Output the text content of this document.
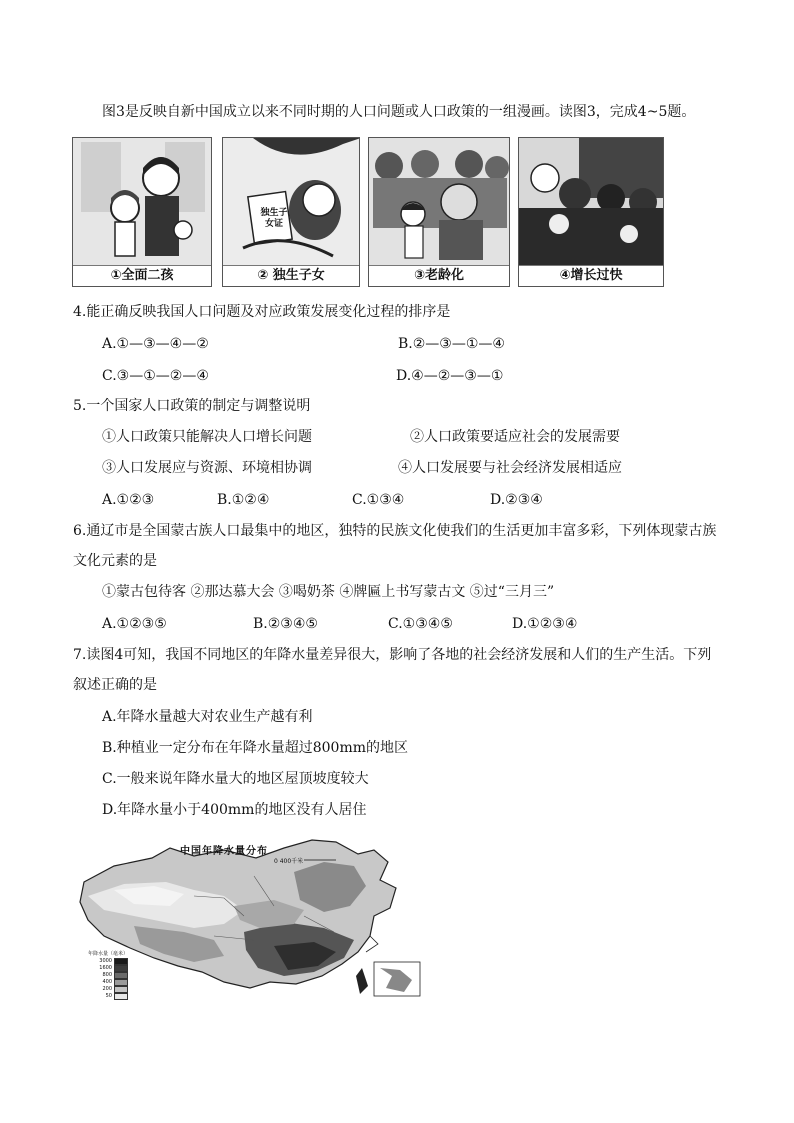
图3是反映自新中国成立以来不同时期的人口问题或人口政策的一组漫画。读图3，完成4~5题。
①全面二孩
独生子女证
② 独生子女	③老龄化	④增长过快
4.能正确反映我国人口问题及对应政策发展变化过程的排序是
A.①—③—④—②	B.②—③—①—④
C.③—①—②—④	D.④—②—③—①
5.一个国家人口政策的制定与调整说明
①人口政策只能解决人口增长问题	②人口政策要适应社会的发展需要
③人口发展应与资源、环境相协调	④人口发展要与社会经济发展相适应
A.①②③	B.①②④	C.①③④	D.②③④
6.通辽市是全国蒙古族人口最集中的地区，独特的民族文化使我们的生活更加丰富多彩，下列体现蒙古族
文化元素的是
①蒙古包待客 ②那达慕大会 ③喝奶茶 ④牌匾上书写蒙古文 ⑤过“三月三”
A.①②③⑤	B.②③④⑤	C.①③④⑤	D.①②③④
7.读图4可知，我国不同地区的年降水量差异很大，影响了各地的社会经济发展和人们的生产生活。下列
叙述正确的是
A.年降水量越大对农业生产越有利
B.种植业一定分布在年降水量超过800mm的地区
C.一般来说年降水量大的地区屋顶坡度较大
D.年降水量小于400mm的地区没有人居住
中国年降水量分布
0 400千米
年降水量（毫米）
3000
1600
800
400
200
50
